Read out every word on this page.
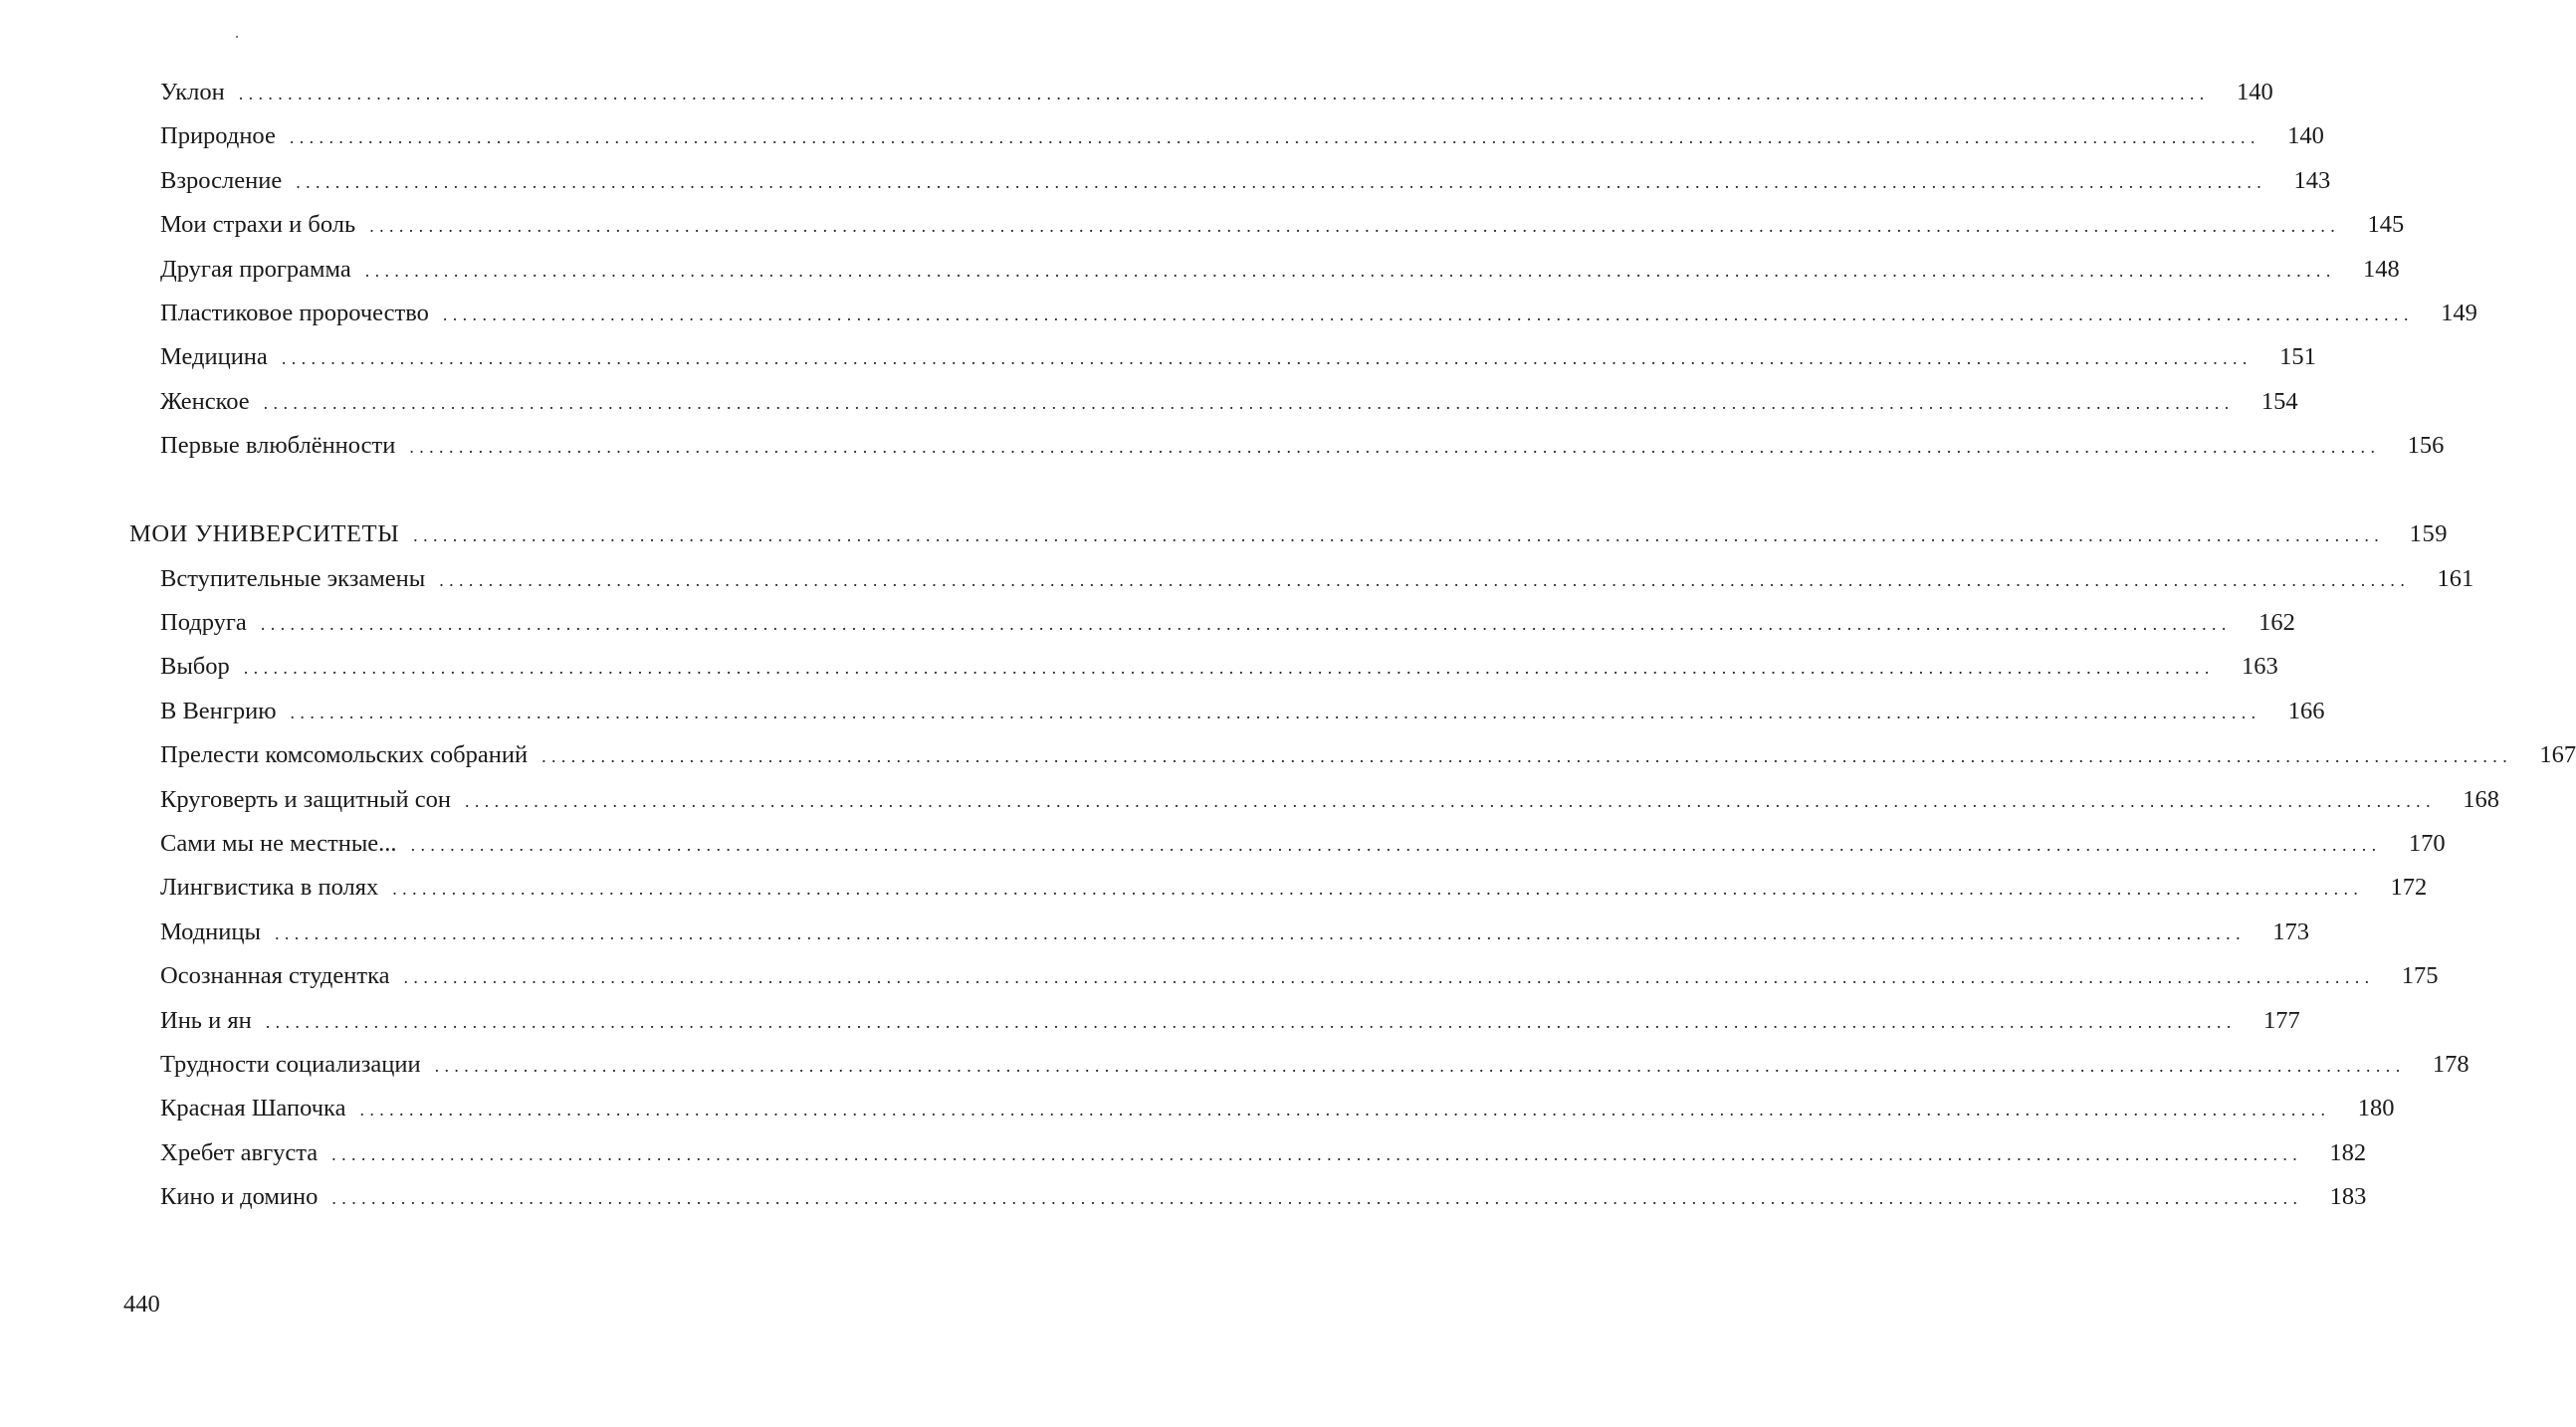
Уклон ........................................................................................................................................................................................................	140
Природное ........................................................................................................................................................................................................	140
Взросление ........................................................................................................................................................................................................	143
Мои страхи и боль ........................................................................................................................................................................................................	145
Другая программа ........................................................................................................................................................................................................	148
Пластиковое пророчество ........................................................................................................................................................................................................	149
Медицина ........................................................................................................................................................................................................	151
Женское ........................................................................................................................................................................................................	154
Первые влюблённости ........................................................................................................................................................................................................	156
МОИ УНИВЕРСИТЕТЫ ........................................................................................................................................................................................................	159
Вступительные экзамены ........................................................................................................................................................................................................	161
Подруга ........................................................................................................................................................................................................	162
Выбор ........................................................................................................................................................................................................	163
В Венгрию ........................................................................................................................................................................................................	166
Прелести комсомольских собраний ........................................................................................................................................................................................................	167
Круговерть и защитный сон ........................................................................................................................................................................................................	168
Сами мы не местные... ........................................................................................................................................................................................................	170
Лингвистика в полях ........................................................................................................................................................................................................	172
Модницы ........................................................................................................................................................................................................	173
Осознанная студентка ........................................................................................................................................................................................................	175
Инь и ян ........................................................................................................................................................................................................	177
Трудности социализации ........................................................................................................................................................................................................	178
Красная Шапочка ........................................................................................................................................................................................................	180
Хребет августа ........................................................................................................................................................................................................	182
Кино и домино ........................................................................................................................................................................................................	183
440
